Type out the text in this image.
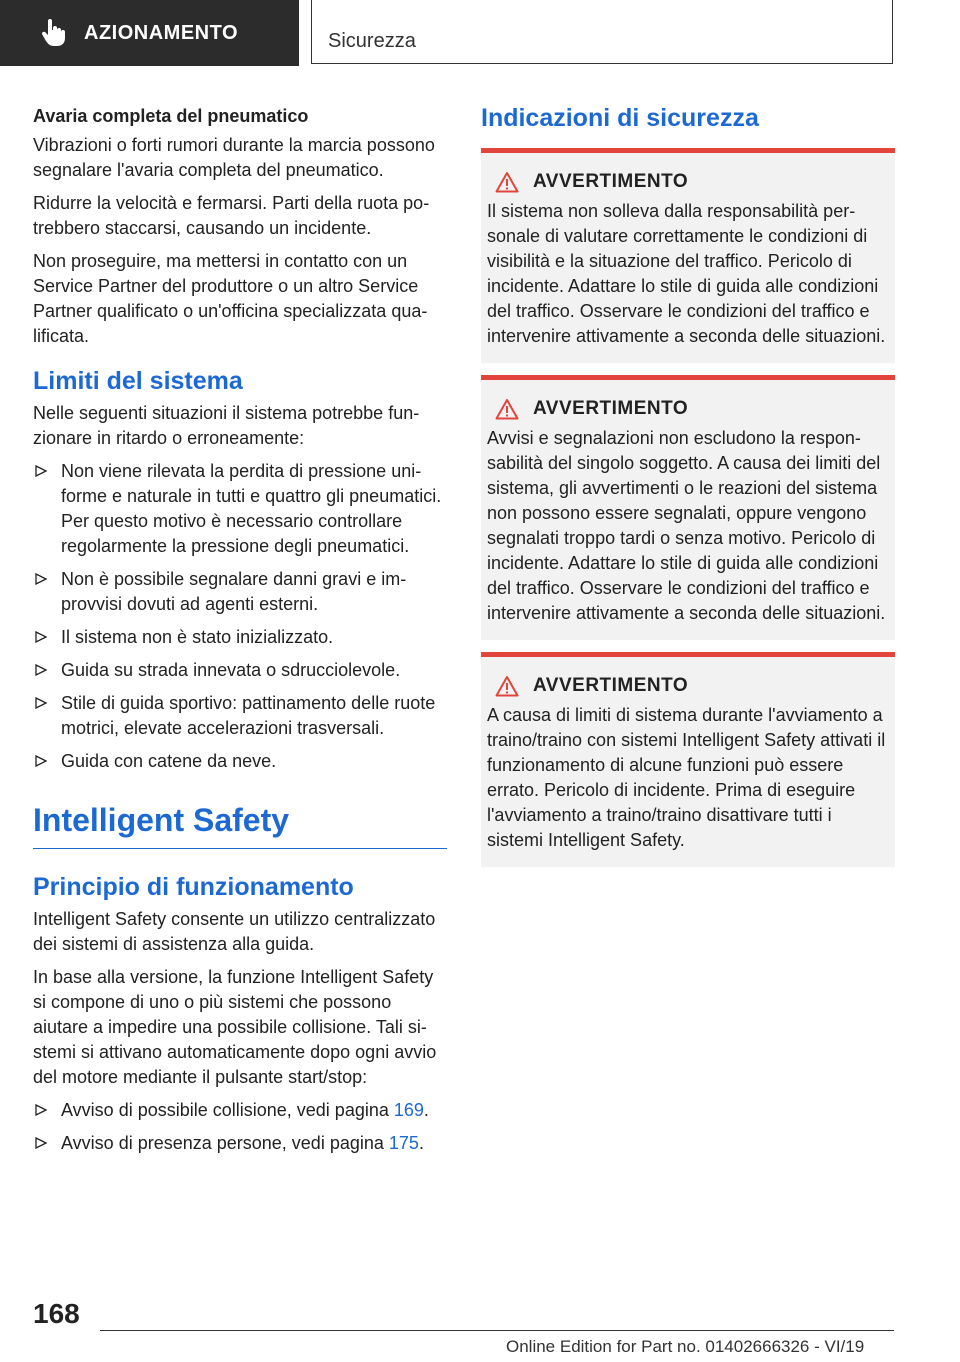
AZIONAMENTO	Sicurezza
Avaria completa del pneumatico

Vibrazioni o forti rumori durante la marcia possono segnalare l'avaria completa del pneumatico.

Ridurre la velocità e fermarsi. Parti della ruota potrebbero staccarsi, causando un incidente.

Non proseguire, ma mettersi in contatto con un Service Partner del produttore o un altro Service Partner qualificato o un'officina specializzata qualificata.

Limiti del sistema

Nelle seguenti situazioni il sistema potrebbe funzionare in ritardo o erroneamente:

Non viene rilevata la perdita di pressione uniforme e naturale in tutti e quattro gli pneumatici. Per questo motivo è necessario controllare regolarmente la pressione degli pneumatici.
Non è possibile segnalare danni gravi e improvvisi dovuti ad agenti esterni.
Il sistema non è stato inizializzato.
Guida su strada innevata o sdrucciolevole.
Stile di guida sportivo: pattinamento delle ruote motrici, elevate accelerazioni trasversali.
Guida con catene da neve.
Intelligent Safety
Principio di funzionamento

Intelligent Safety consente un utilizzo centralizzato dei sistemi di assistenza alla guida.

In base alla versione, la funzione Intelligent Safety si compone di uno o più sistemi che possono aiutare a impedire una possibile collisione. Tali sistemi si attivano automaticamente dopo ogni avvio del motore mediante il pulsante start/stop:

Avviso di possibile collisione, vedi pagina 169.
Avviso di presenza persone, vedi pagina 175.
Indicazioni di sicurezza
AVVERTIMENTO

Il sistema non solleva dalla responsabilità personale di valutare correttamente le condizioni di visibilità e la situazione del traffico. Pericolo di incidente. Adattare lo stile di guida alle condizioni del traffico. Osservare le condizioni del traffico e intervenire attivamente a seconda delle situazioni.

AVVERTIMENTO

Avvisi e segnalazioni non escludono la responsabilità del singolo soggetto. A causa dei limiti del sistema, gli avvertimenti o le reazioni del sistema non possono essere segnalati, oppure vengono segnalati troppo tardi o senza motivo. Pericolo di incidente. Adattare lo stile di guida alle condizioni del traffico. Osservare le condizioni del traffico e intervenire attivamente a seconda delle situazioni.

AVVERTIMENTO

A causa di limiti di sistema durante l'avviamento a traino/traino con sistemi Intelligent Safety attivati il funzionamento di alcune funzioni può essere errato. Pericolo di incidente. Prima di eseguire l'avviamento a traino/traino disattivare tutti i sistemi Intelligent Safety.

168
Online Edition for Part no. 01402666326 - VI/19
